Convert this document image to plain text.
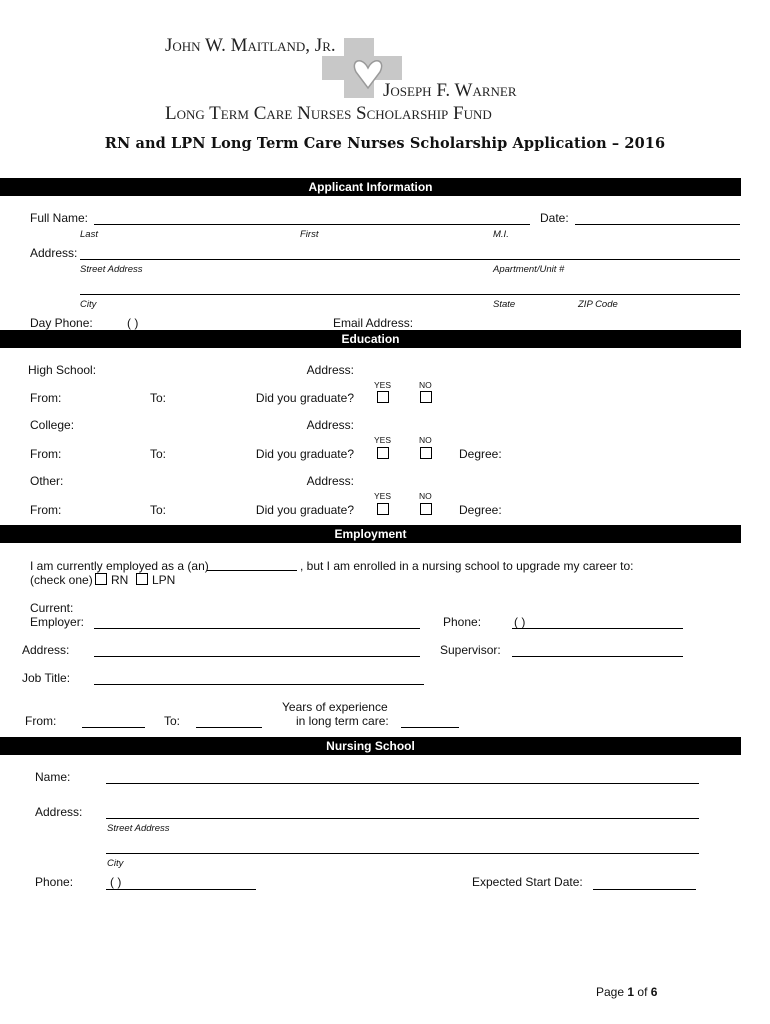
John W. Maitland, Jr.
Joseph F. Warner
Long Term Care Nurses Scholarship Fund
RN and LPN Long Term Care Nurses Scholarship Application – 2016
Applicant Information
Full Name:	Date:
Last	First	M.I.
Address:
Street Address	Apartment/Unit #
City	State	ZIP Code
Day Phone:	( )	Email Address:
Education
High School:	Address:
YES	NO
From:	To:	Did you graduate?
College:	Address:
YES	NO
From:	To:	Did you graduate?	Degree:
Other:	Address:
YES	NO
From:	To:	Did you graduate?	Degree:
Employment
I am currently employed as a (an)	, but I am enrolled in a nursing school to upgrade my career to:
(check one) RN LPN
Current:
Employer:	Phone:	( )
Address:	Supervisor:
Job Title:
Years of experience
in long term care:
From:	To:
Nursing School
Name:
Address:
Street Address
City
Phone:	( )	Expected Start Date:
Page 1 of 6
